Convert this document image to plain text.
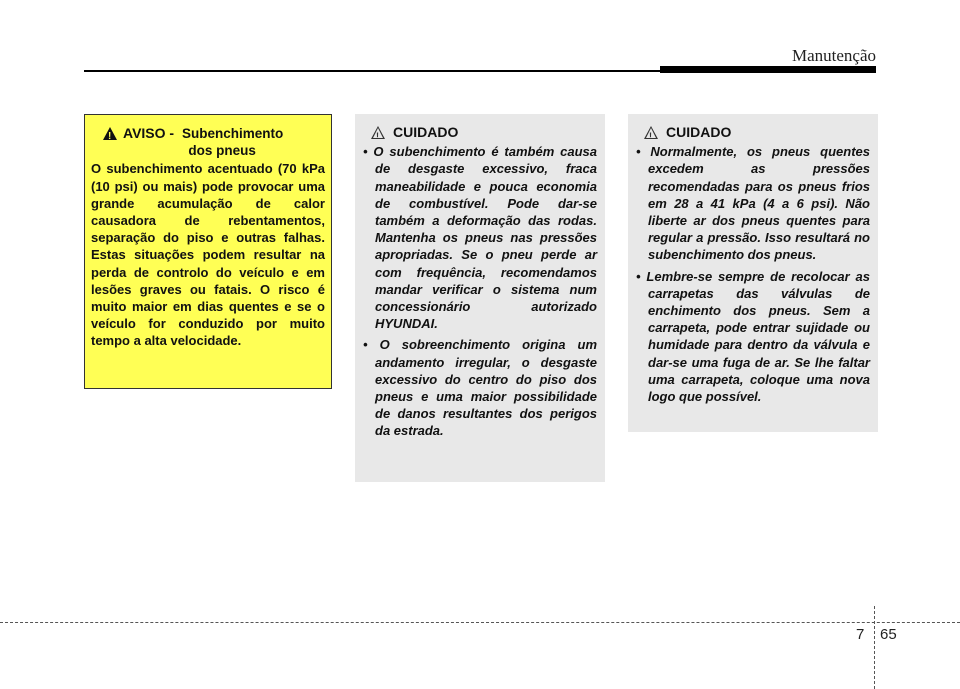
Manutenção
!
AVISO - Subenchimento
dos pneus
O subenchimento acentuado (70 kPa (10 psi) ou mais) pode provocar uma grande acumulação de calor causadora de rebentamentos, separação do piso e outras falhas. Estas situações podem resultar na perda de controlo do veículo e em lesões graves ou fatais. O risco é muito maior em dias quentes e se o veículo for conduzido por muito tempo a alta velocidade.
!
CUIDADO
• O subenchimento é também causa de desgaste excessivo, fraca maneabilidade e pouca economia de combustível. Pode dar-se também a deformação das rodas. Mantenha os pneus nas pressões apropriadas. Se o pneu perde ar com frequência, recomendamos mandar verificar o sistema num concessionário autorizado HYUNDAI.
• O sobreenchimento origina um andamento irregular, o desgaste excessivo do centro do piso dos pneus e uma maior possibilidade de danos resultantes dos perigos da estrada.
!
CUIDADO
• Normalmente, os pneus quentes excedem as pressões recomendadas para os pneus frios em 28 a 41 kPa (4 a 6 psi). Não liberte ar dos pneus quentes para regular a pressão. Isso resultará no subenchimento dos pneus.
• Lembre-se sempre de recolocar as carrapetas das válvulas de enchimento dos pneus. Sem a carrapeta, pode entrar sujidade ou humidade para dentro da válvula e dar-se uma fuga de ar. Se lhe faltar uma carrapeta, coloque uma nova logo que possível.
7 65
